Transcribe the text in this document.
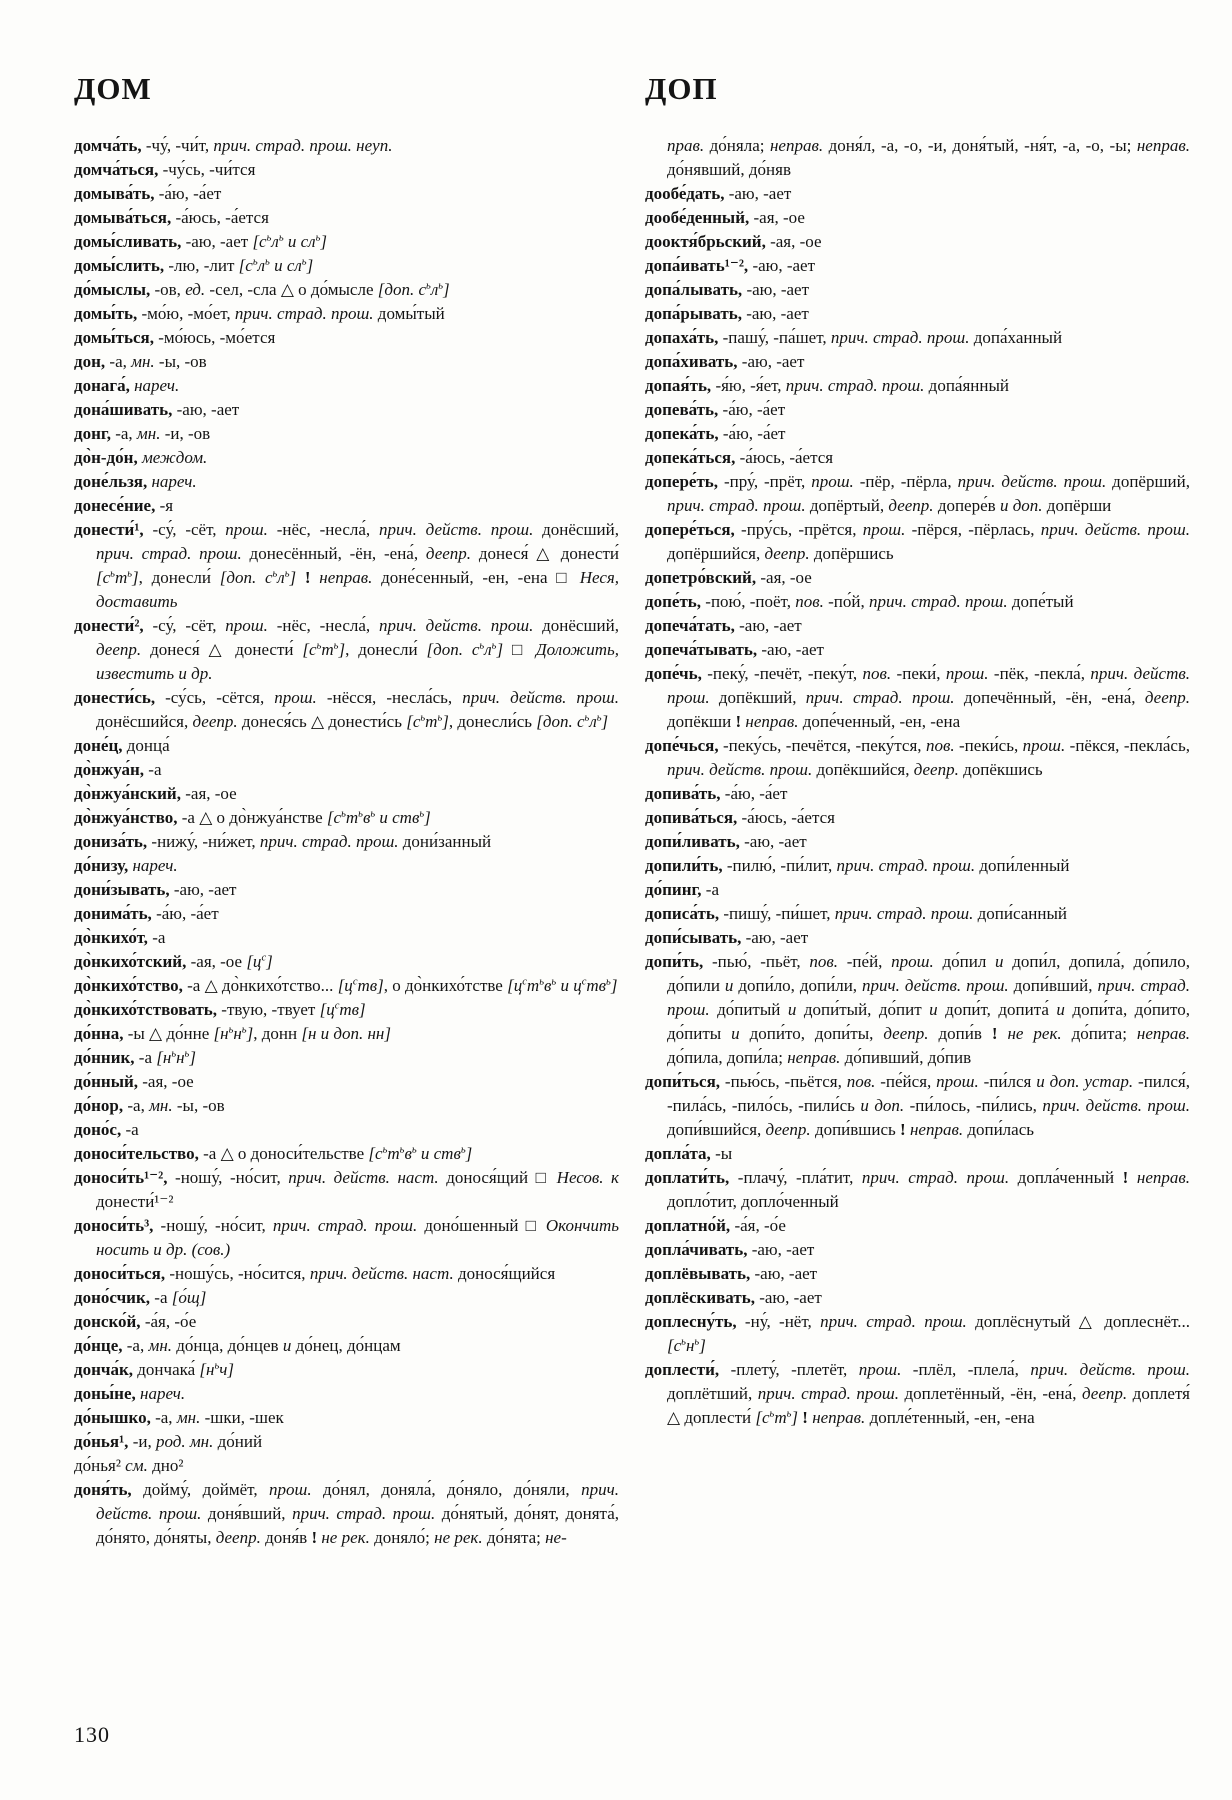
ДОМ
домча́ть, -чу́, -чи́т, прич. страд. прош. неуп.
домча́ться, -чу́сь, -чи́тся
домыва́ть, -а́ю, -а́ет
домыва́ться, -а́юсь, -а́ется
домы́сливать, -аю, -ает [$с^ьл^ь$ и $сл^ь$]
домы́слить, -лю, -лит [$с^ьл^ь$ и $сл^ь$]
до́мыслы, -ов, ед. -сел, -сла △ о до́мысле [доп. $с^ьл^ь$]
домы́ть, -мо́ю, -мо́ет, прич. страд. прош. домы́тый
домы́ться, -мо́юсь, -мо́ется
дон, -а, мн. -ы, -ов
донага́, нареч.
дона́шивать, -аю, -ает
донг, -а, мн. -и, -ов
до̀н-до́н, междом.
доне́льзя, нареч.
донесе́ние, -я
донести́¹, -су́, -сёт, прош. -нёс, -несла́, прич. действ. прош. донёсший, прич. страд. прош. донесённый, -ён, -ена́, деепр. донеся́ △ донести́ $[с^ьт^ь]$, донесли́ [доп. $с^ьл^ь$] ! неправ. доне́сенный, -ен, -ена □ Неся, доставить
донести́², -су́, -сёт, прош. -нёс, -несла́, прич. действ. прош. донёсший, деепр. донеся́ △ донести́ $[с^ьт^ь]$, донесли́ [доп. $с^ьл^ь$] □ Доложить, известить и др.
донести́сь, -су́сь, -сётся, прош. -нёсся, -несла́сь, прич. действ. прош. донёсшийся, деепр. донеся́сь △ донести́сь $[с^ьт^ь]$, донесли́сь [доп. $с^ьл^ь$]
доне́ц, донца́
до̀нжуа́н, -а
до̀нжуа́нский, -ая, -ое
до̀нжуа́нство, -а △ о до̀нжуа́нстве [$с^ьт^ьв^ь$ и ств$^ь$]
дониза́ть, -нижу́, -ни́жет, прич. страд. прош. дони́занный
до́низу, нареч.
дони́зывать, -аю, -ает
донима́ть, -а́ю, -а́ет
до̀нкихо́т, -а
до̀нкихо́тский, -ая, -ое $[ц^с]$
до̀нкихо́тство, -а △ до̀нкихо́тство... $[ц^ств]$, о до̀нкихо́тстве [$ц^ст^ьв^ь$ и $ц^ств^ь$]
до̀нкихо́тствовать, -твую, -твует $[ц^ств]$
до́нна, -ы △ до́нне $[н^ьн^ь]$, донн [н и доп. нн]
до́нник, -а $[н^ьн^ь]$
до́нный, -ая, -ое
до́нор, -а, мн. -ы, -ов
доно́с, -а
доноси́тельство, -а △ о доноси́тельстве [$с^ьт^ьв^ь$ и ств$^ь$]
доноси́ть¹⁻², -ношу́, -но́сит, прич. действ. наст. донося́щий □ Несов. к донести́¹⁻²
доноси́ть³, -ношу́, -но́сит, прич. страд. прош. доно́шенный □ Окончить носить и др. (сов.)
доноси́ться, -ношу́сь, -но́сится, прич. действ. наст. донося́щийся
доно́счик, -а [о́щ]
донско́й, -а́я, -о́е
до́нце, -а, мн. до́нца, до́нцев и до́нец, до́нцам
донча́к, дончака́ $[н^ьч]$
доны́не, нареч.
до́нышко, -а, мн. -шки, -шек
до́нья¹, -и, род. мн. до́ний
до́нья² см. дно²
доня́ть, дойму́, доймёт, прош. до́нял, доняла́, до́няло, до́няли, прич. действ. прош. доня́вший, прич. страд. прош. до́нятый, до́нят, донята́, до́нято, до́няты, деепр. доня́в ! не рек. доняло́; не рек. до́нята; не-
ДОП
прав. до́няла; неправ. доня́л, -а, -о, -и, доня́тый, -ня́т, -а, -о, -ы; неправ. до́нявший, до́няв
дообе́дать, -аю, -ает
дообе́денный, -ая, -ое
дооктя́брьский, -ая, -ое
допа́ивать¹⁻², -аю, -ает
допа́лывать, -аю, -ает
допа́рывать, -аю, -ает
допаха́ть, -пашу́, -па́шет, прич. страд. прош. допа́ханный
допа́хивать, -аю, -ает
допая́ть, -я́ю, -я́ет, прич. страд. прош. допа́янный
допева́ть, -а́ю, -а́ет
допека́ть, -а́ю, -а́ет
допека́ться, -а́юсь, -а́ется
допере́ть, -пру́, -прёт, прош. -пёр, -пёрла, прич. действ. прош. допёрший, прич. страд. прош. допёртый, деепр. допере́в и доп. допёрши
допере́ться, -пру́сь, -прётся, прош. -пёрся, -пёрлась, прич. действ. прош. допёршийся, деепр. допёршись
допетро́вский, -ая, -ое
допе́ть, -пою́, -поёт, пов. -по́й, прич. страд. прош. допе́тый
допеча́тать, -аю, -ает
допеча́тывать, -аю, -ает
допе́чь, -пеку́, -печёт, -пеку́т, пов. -пеки́, прош. -пёк, -пекла́, прич. действ. прош. допёкший, прич. страд. прош. допечённый, -ён, -ена́, деепр. допёкши ! неправ. допе́ченный, -ен, -ена
допе́чься, -пеку́сь, -печётся, -пеку́тся, пов. -пеки́сь, прош. -пёкся, -пекла́сь, прич. действ. прош. допёкшийся, деепр. допёкшись
допива́ть, -а́ю, -а́ет
допива́ться, -а́юсь, -а́ется
допи́ливать, -аю, -ает
допили́ть, -пилю́, -пи́лит, прич. страд. прош. допи́ленный
до́пинг, -а
дописа́ть, -пишу́, -пи́шет, прич. страд. прош. допи́санный
допи́сывать, -аю, -ает
допи́ть, -пью́, -пьёт, пов. -пе́й, прош. до́пил и допи́л, допила́, до́пило, до́пили и допи́ло, допи́ли, прич. действ. прош. допи́вший, прич. страд. прош. до́питый и допи́тый, до́пит и допи́т, допита́ и допи́та, до́пито, до́питы и допи́то, допи́ты, деепр. допи́в ! не рек. до́пита; неправ. до́пила, допи́ла; неправ. до́пивший, до́пив
допи́ться, -пью́сь, -пьётся, пов. -пе́йся, прош. -пи́лся и доп. устар. -пился́, -пила́сь, -пило́сь, -пили́сь и доп. -пи́лось, -пи́лись, прич. действ. прош. допи́вшийся, деепр. допи́вшись ! неправ. допи́лась
допла́та, -ы
доплати́ть, -плачу́, -пла́тит, прич. страд. прош. допла́ченный ! неправ. допло́тит, допло́ченный
доплатно́й, -а́я, -о́е
допла́чивать, -аю, -ает
доплёвывать, -аю, -ает
доплёскивать, -аю, -ает
доплесну́ть, -ну́, -нёт, прич. страд. прош. доплёснутый △ доплеснёт... $[с^ьн^ь]$
доплести́, -плету́, -плетёт, прош. -плёл, -плела́, прич. действ. прош. доплётший, прич. страд. прош. доплетённый, -ён, -ена́, деепр. доплетя́ △ доплести́ $[с^ьт^ь]$ ! неправ. допле́тенный, -ен, -ена
130
